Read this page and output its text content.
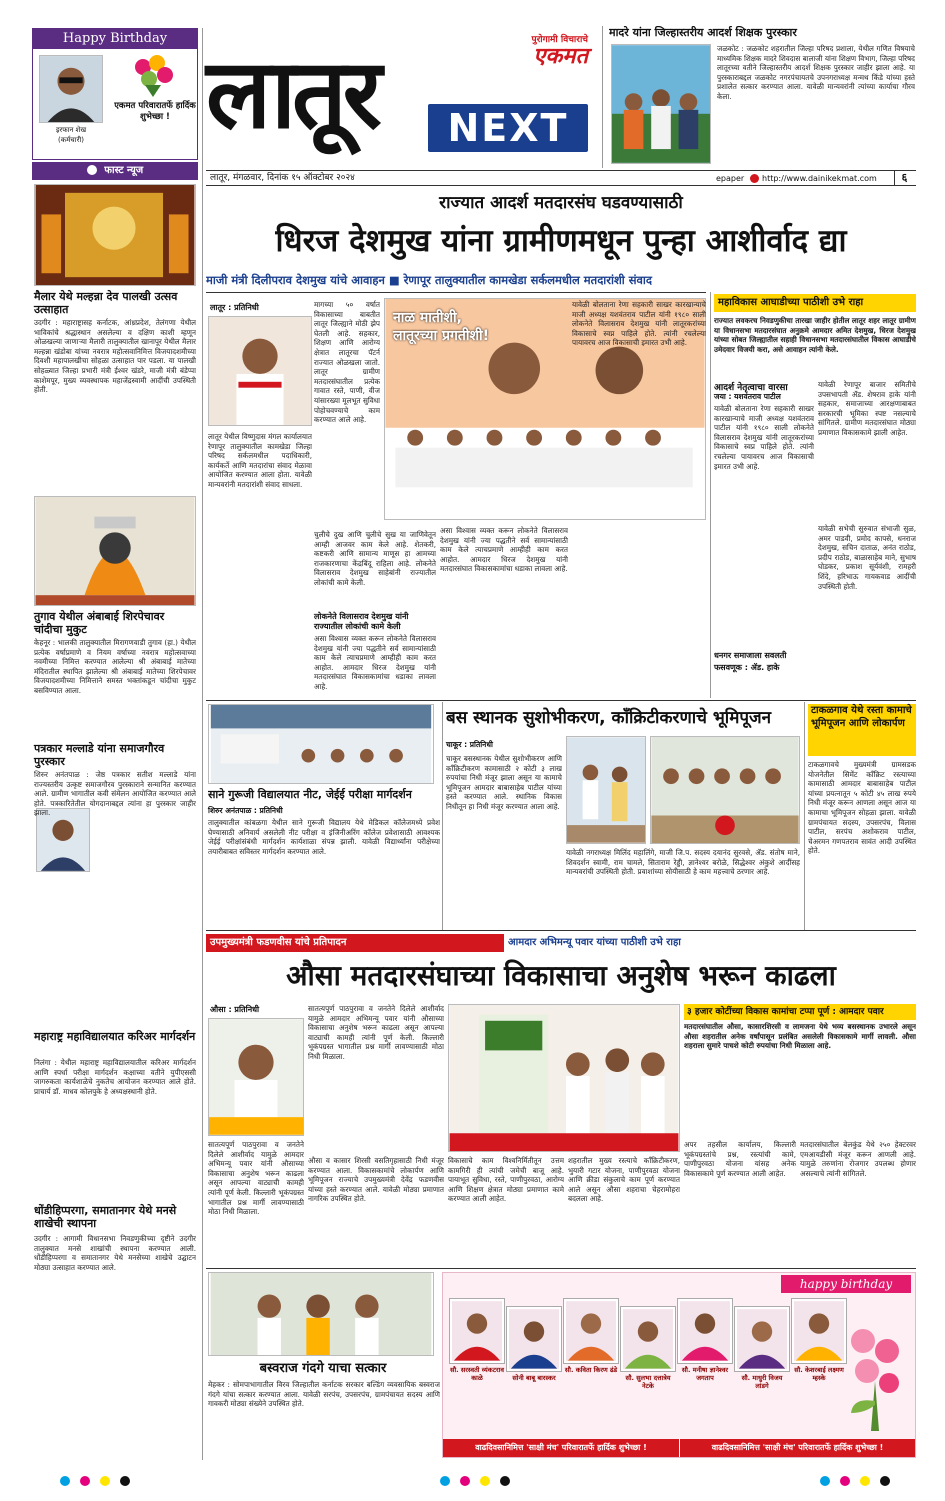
Happy Birthday
इरफान शेख
(कर्मचारी)
एकमत परिवारातर्फे हार्दिक शुभेच्छा !
फास्ट न्यूज
मैलार येथे मल्हन्ना देव पालखी उत्सव उत्साहात
उदगीर : महाराष्ट्रासह कर्नाटक, आंध्रप्रदेश, तेलंगणा येथील भाविकांचे श्रद्धास्थान असलेल्या व दक्षिण काशी म्हणून ओळखल्या जाणाऱ्या मैलारी तालुक्यातील खानापूर येथील मैलार मल्हन्ना खंडोबा यांच्या नवरात्र महोत्सवानिमित्त विजयादशमीच्या दिवशी महापालखीचा सोहळा उत्साहात पार पडला. या पालखी सोहळ्यात जिल्हा प्रभारी मंत्री ईश्वर खंडरे, माजी मंत्री बंडेप्पा काशेमपूर, मुख्य व्यवस्थापक महाजेंद्रस्वामी आदींची उपस्थिती होती.
तुगाव येथील अंबाबाई शिरपेचावर चांदीचा मुकुट
केहनूर : भालकी तालुक्यातील मिरागणवाडी तुगाव (हा.) येथील प्रत्येक वर्षाप्रमाणे व नियम वर्षाच्या नवरात्र महोत्सवाच्या नवमीच्या निमित्त करण्यात आलेल्या श्री अंबाबाई मातेच्या मंदिरातील स्थापित झालेल्या श्री अंबाबाई मातेच्या शिरपेचावर विजयादशमीच्या निमित्ताने समस्त भक्तांकडून चांदीचा मुकुट बसविण्यात आला.
पत्रकार मल्लाडे यांना समाजगौरव पुरस्कार
शिरुर अनंतपाळ : जेष्ठ पत्रकार सतीश मल्लाडे यांना राज्यस्तरीय उत्कृष्ट समाजगौरव पुरस्काराने सन्मानित करण्यात आले. ग्रामीण भागातील कवी संमेलन आयोजित करण्यात आले होते. पत्रकारितेतील योगदानाबद्दल त्यांना हा पुरस्कार जाहीर झाला.
महाराष्ट्र महाविद्यालयात करिअर मार्गदर्शन
निलंगा : येथील महाराष्ट्र महाविद्यालयातील करिअर मार्गदर्शन आणि स्पर्धा परीक्षा मार्गदर्शन कक्षाच्या वतीने युपीएससी जागरुकता कार्यशाळेचे नुकतेच आयोजन करण्यात आले होते. प्राचार्य डॉ. माधव कोलपुके हे अध्यक्षस्थानी होते.
धोंडीहिप्परगा, समातानगर येथे मनसे शाखेची स्थापना
उदगीर : आगामी विधानसभा निवडणुकीच्या दृष्टीने उदगीर तालुक्यात मनसे शाखांची स्थापना करण्यात आली. धोंडीहिप्परगा व समातानगर येथे मनसेच्या शाखेचे उद्घाटन मोठ्या उत्साहात करण्यात आले.
लातूर	पुरोगामी विचाराचे
एकमत
NEXT
लातूर, मंगळवार, दिनांक १५ ऑक्टोबर २०२४	epaper http://www.dainikekmat.com	६
मादरे यांना जिल्हास्तरीय आदर्श शिक्षक पुरस्कार
जळकोट : जळकोट शहरातील जिल्हा परिषद प्रशाला, येथील गणित विषयाचे माध्यमिक शिक्षक मादरे शिवदास बालाजी यांना शिक्षण विभाग, जिल्हा परिषद लातूरच्या वतीने जिल्हास्तरीय आदर्श शिक्षक पुरस्कार जाहीर झाला आहे. या पुरस्काराबद्दल जळकोट नगरपंचायतचे उपनगराध्यक्ष मन्मथ किंडे यांच्या हस्ते प्रशालेत सत्कार करण्यात आला. यावेळी मान्यवरांनी त्यांच्या कार्याचा गौरव केला.
राज्यात आदर्श मतदारसंघ घडवण्यासाठी
धिरज देशमुख यांना ग्रामीणमधून पुन्हा आशीर्वाद द्या
माजी मंत्री दिलीपराव देशमुख यांचे आवाहन ■ रेणापूर तालुक्यातील कामखेडा सर्कलमधील मतदारांशी संवाद
लातूर : प्रतिनिधी	मागच्या ५० वर्षात विकासाच्या बाबतीत लातूर जिल्ह्याने मोठी झेप घेतली आहे. सहकार, शिक्षण आणि आरोग्य क्षेत्रात लातूरचा पॅटर्न राज्यात ओळखला जातो. लातूर ग्रामीण मतदारसंघातील प्रत्येक गावात रस्ते, पाणी, वीज यांसारख्या मूलभूत सुविधा पोहोचवण्याचे काम करण्यात आले आहे.
लातूर येथील विष्णुदास मंगल कार्यालयात रेणापूर तालुक्यातील कामखेडा जिल्हा परिषद सर्कलमधील पदाधिकारी, कार्यकर्ते आणि मतदारांचा संवाद मेळावा आयोजित करण्यात आला होता. यावेळी मान्यवरांनी मतदारांशी संवाद साधला.
नाळ मातीशी, लातूरच्या प्रगतीशी!
चुलीचे दुख आणि चुलीचे सुख या जाणिवेतून आम्ही आजवर काम केले आहे. शेतकरी, कष्टकरी आणि सामान्य माणूस हा आमच्या राजकारणाचा केंद्रबिंदू राहिला आहे. लोकनेते विलासराव देशमुख साहेबांनी राज्यातील लोकांची कामे केली.
लोकनेते विलासराव देशमुख यांनी राज्यातील लोकांची कामे केली
असा विश्वास व्यक्त करून लोकनेते विलासराव देशमुख यांनी ज्या पद्धतीने सर्व सामान्यांसाठी काम केले त्याचप्रमाणे आम्हीही काम करत आहोत. आमदार धिरज देशमुख यांनी मतदारसंघात विकासकामांचा धडाका लावला आहे.
असा विश्वास व्यक्त करून लोकनेते विलासराव देशमुख यांनी ज्या पद्धतीने सर्व सामान्यांसाठी काम केले त्याचप्रमाणे आम्हीही काम करत आहोत. आमदार धिरज देशमुख यांनी मतदारसंघात विकासकामांचा धडाका लावला आहे.
महाविकास आघाडीच्या पाठीशी उभे राहा
राज्यात लवकरच निवडणुकीचा तारखा जाहीर होतील लातूर शहर लातूर ग्रामीण या विधानसभा मतदारसंघात अनुक्रमे आमदार अमित देशमुख, धिरज देशमुख यांच्या सोबत जिल्ह्यातील सहाही विधानसभा मतदारसंघातील विकास आघाडीचे उमेदवार विजयी करा, असे आवाहन त्यांनी केले.
आदर्श नेतृत्वाचा वारसा
जया : यशवंतराव पाटील
यावेळी बोलताना रेणा सहकारी साखर कारखान्याचे माजी अध्यक्ष यशवंतराव पाटील यांनी १९८० साली लोकनेते विलासराव देशमुख यांनी लातूरकरांच्या विकासाचे स्वप्न पाहिले होते. त्यांनी रचलेल्या पायावरच आज विकासाची इमारत उभी आहे.
यावेळी बोलताना रेणा सहकारी साखर कारखान्याचे माजी अध्यक्ष यशवंतराव पाटील यांनी १९८० साली लोकनेते विलासराव देशमुख यांनी लातूरकरांच्या विकासाचे स्वप्न पाहिले होते. त्यांनी रचलेल्या पायावरच आज विकासाची इमारत उभी आहे.
यावेळी रेणापूर बाजार समितीचे उपसभापती ॲड. शेषराव हाके यांनी सहकार, समाजाच्या आरक्षणाबाबत सरकारची भूमिका स्पष्ट नसल्याचे सांगितले. ग्रामीण मतदारसंघात मोठ्या प्रमाणात विकासकामे झाली आहेत.
यावेळी सभेची सुरुवात संभाजी सुळ, अमर पाडवी, प्रमोद कापसे, धनराज देशमुख, सचिन दाताळ, अनंत राठोड, प्रदीप राठोड, बाळासाहेब माने, सुभाष घोडकर, प्रकाश सूर्यवंशी, रामहरी शिंदे, हरिभाऊ गायकवाड आदींची उपस्थिती होती.
धनगर समाजाला सवलती
फसवणूक : ॲड. हाके
साने गुरूजी विद्यालयात नीट, जेईई परीक्षा मार्गदर्शन
शिरुर अनंतपाळ : प्रतिनिधी
तालुक्यातील कांबळगा येथील साने गुरूजी विद्यालय येथे मेडिकल कॉलेजमध्ये प्रवेश घेण्यासाठी अनिवार्य असलेली नीट परीक्षा व इंजिनीअरिंग कॉलेज प्रवेशासाठी आवश्यक जेईई परीक्षांसंबंधी मार्गदर्शन कार्यशाळा संपन्न झाली. यावेळी विद्यार्थ्यांना परीक्षेच्या तयारीबाबत सविस्तर मार्गदर्शन करण्यात आले.
बस स्थानक सुशोभीकरण, काँक्रिटीकरणाचे भूमिपूजन
चाकूर : प्रतिनिधी
चाकूर बसस्थानक येथील सुशोभीकरण आणि काँक्रिटीकरण कामासाठी २ कोटी ३ लाख रुपयांचा निधी मंजूर झाला असून या कामाचे भूमिपूजन आमदार बाबासाहेब पाटील यांच्या हस्ते करण्यात आले. स्थानिक विकास निधीतून हा निधी मंजूर करण्यात आला आहे.
यावेळी नगराध्यक्ष मिलिंद महालिंगे, माजी जि.प. सदस्य दयानंद सुरवसे, ॲड. संतोष माने, शिवदर्शन स्वामी, राम चामले, सिताराम रेड्डी, ज्ञानेश्वर बरोळे, सिद्धेश्वर अंकुशे आदींसह मान्यवरांची उपस्थिती होती. प्रवाशांच्या सोयीसाठी हे काम महत्त्वाचे ठरणार आहे.
टाकळगाव येथे रस्ता कामाचे भूमिपूजन आणि लोकार्पण
टाकळगावचे मुख्यमंत्री ग्रामसडक योजनेतील सिमेंट काँक्रिट रस्त्याच्या कामासाठी आमदार बाबासाहेब पाटील यांच्या प्रयत्नातून ५ कोटी ४५ लाख रुपये निधी मंजूर करून आणला असून आज या कामाचा भूमिपूजन सोहळा झाला. यावेळी ग्रामपंचायत सदस्य, उपसरपंच, विलास पाटील, सरपंच अशोकराव पाटील, चेअरमन गणपतराव सावंत आदी उपस्थित होते.
उपमुख्यमंत्री फडणवीस यांचे प्रतिपादन	आमदार अभिमन्यू पवार यांच्या पाठीशी उभे राहा
औसा मतदारसंघाच्या विकासाचा अनुशेष भरून काढला
औसा : प्रतिनिधी
सातत्यपूर्ण पाठपुरावा व जनतेने दिलेले आशीर्वाद यामुळे आमदार अभिमन्यू पवार यांनी औसाच्या विकासाचा अनुशेष भरून काढला असून आपल्या वाट्याची कामही त्यांनी पूर्ण केली. किल्लारी भूकंपग्रस्त भागातील प्रश्न मार्गी लावण्यासाठी मोठा निधी मिळाला.
सातत्यपूर्ण पाठपुरावा व जनतेने दिलेले आशीर्वाद यामुळे आमदार अभिमन्यू पवार यांनी औसाच्या विकासाचा अनुशेष भरून काढला असून आपल्या वाट्याची कामही त्यांनी पूर्ण केली. किल्लारी भूकंपग्रस्त भागातील प्रश्न मार्गी लावण्यासाठी मोठा निधी मिळाला.
३ हजार कोटींच्या विकास कामांचा टप्पा पूर्ण : आमदार पवार
मतदारसंघातील औसा, कासारशिरसी व लामजना येथे भव्य बसस्थानक उभारले असून औसा शहरातील अनेक वर्षांपासून प्रलंबित असलेली विकासकामे मार्गी लावली. औसा शहराला सुमारे पाचशे कोटी रुपयांचा निधी मिळाला आहे.
औसा व कासार शिरसी वसतिगृहासाठी निधी मंजूर करण्यात आला. विकासकामांचे लोकार्पण आणि भूमिपूजन राज्याचे उपमुख्यमंत्री देवेंद्र फडणवीस यांच्या हस्ते करण्यात आले. यावेळी मोठ्या प्रमाणात नागरिक उपस्थित होते.
विकासाचे काम विश्वनिर्मितीतून उत्तम कामगिरी ही त्यांची जमेची बाजू आहे. पायाभूत सुविधा, रस्ते, पाणीपुरवठा, आरोग्य आणि शिक्षण क्षेत्रात मोठ्या प्रमाणात कामे करण्यात आली आहेत.
शहरातील मुख्य रस्त्याचे काँक्रिटीकरण, भुयारी गटार योजना, पाणीपुरवठा योजना आणि क्रीडा संकुलाचे काम पूर्ण करण्यात आले असून औसा शहराचा चेहरामोहरा बदलला आहे.
अपर तहसील कार्यालय, किल्लारी भूकंपग्रस्तांचे प्रश्न, रस्त्यांची कामे, पाणीपुरवठा योजना यांसह अनेक विकासकामे पूर्ण करण्यात आली आहेत.
मतदारसंघातील बेलकुंड येथे २५० हेक्टरवर एमआयडीसी मंजूर करून आणली आहे. यामुळे तरुणांना रोजगार उपलब्ध होणार असल्याचे त्यांनी सांगितले.
बस्वराज गंदगे याचा सत्कार
मेहकर : सोमपाभागातील विरव जिल्हातील कर्नाटक सरकार बल्डिंग व्यवसायिक बस्वराज गंदगे यांचा सत्कार करण्यात आला. यावेळी सरपंच, उपसरपंच, ग्रामपंचायत सदस्य आणि गावकरी मोठ्या संख्येने उपस्थित होते.
happy birthday
सौ. सरस्वती व्यंकटराव काळे	सोनी बाबू बारस्कर
सौ. कविता किरण ढंडे
सौ. सुलभा दत्तात्रेय नेटके
सौ. मनीषा ज्ञानेश्वर जगताप	सौ. माधुरी विजय लांडगे
सौ. केशरबाई लक्ष्मण म्हस्के
वाढदिवसानिमित्त 'साक्षी मंच' परिवारातर्फे हार्दिक शुभेच्छा !	वाढदिवसानिमित्त 'साक्षी मंच' परिवारातर्फे हार्दिक शुभेच्छा !
